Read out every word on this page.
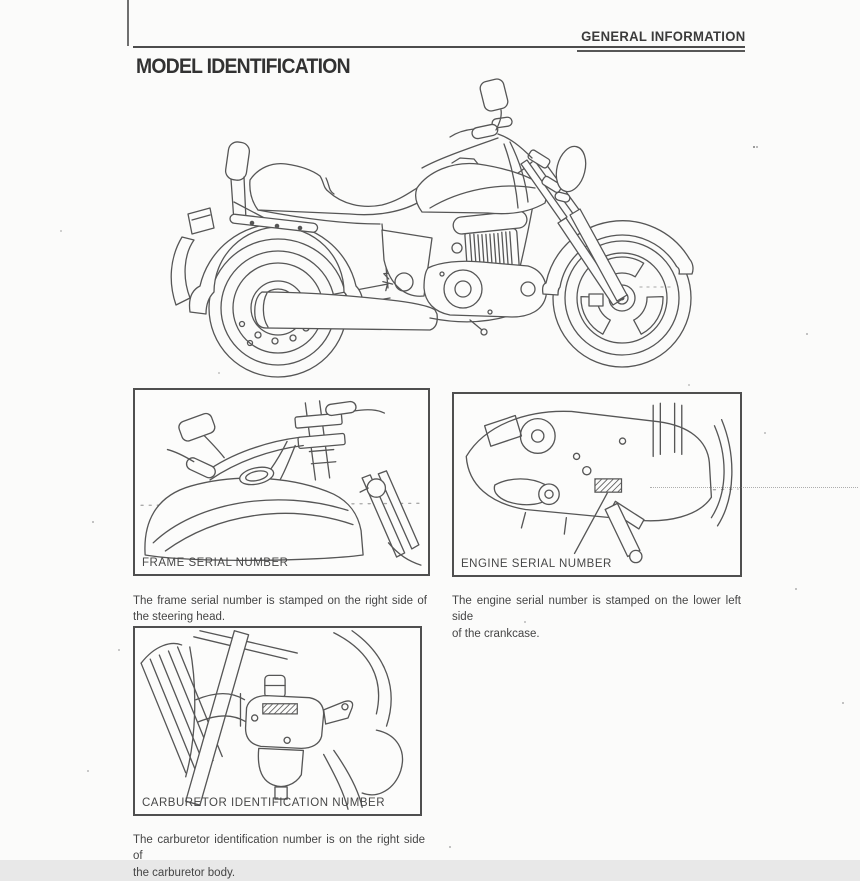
GENERAL INFORMATION
MODEL IDENTIFICATION
FRAME SERIAL NUMBER	ENGINE SERIAL NUMBER
CARBURETOR IDENTIFICATION NUMBER

The frame serial number is stamped on the right side of
the steering head.

The engine serial number is stamped on the lower left side
of the crankcase.

The carburetor identification number is on the right side of
the carburetor body.
